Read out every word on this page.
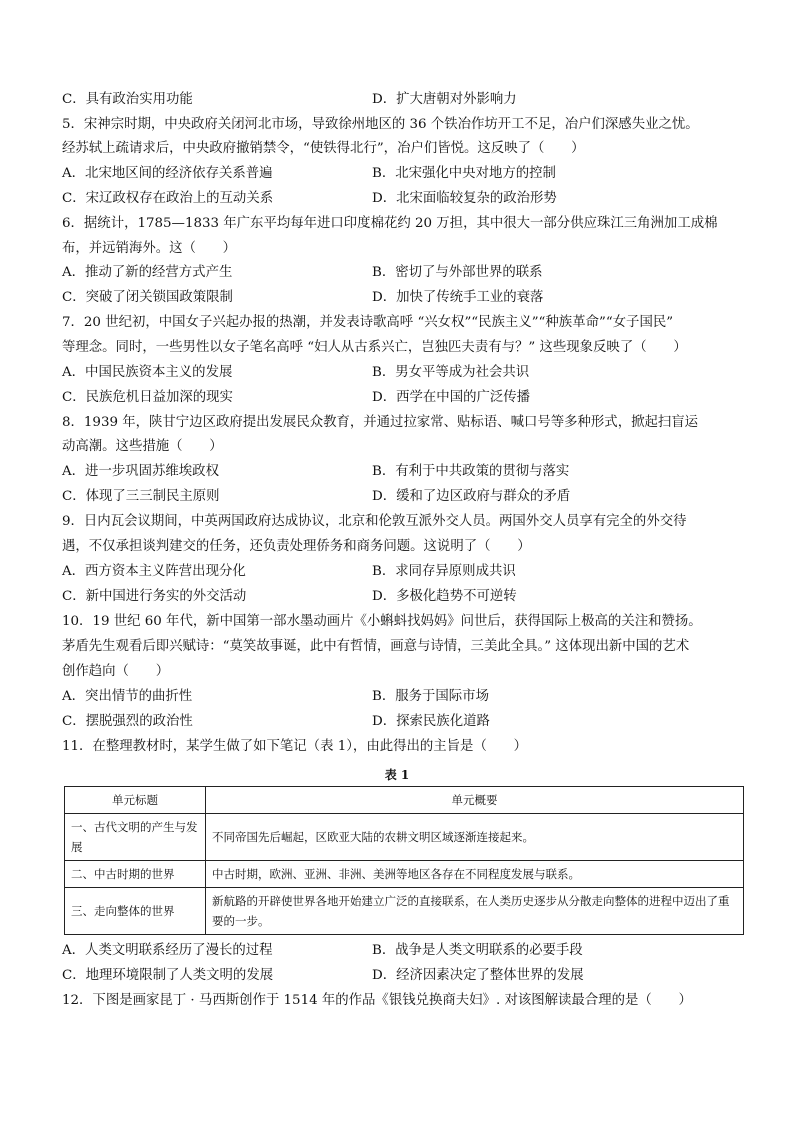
C．具有政治实用功能	D．扩大唐朝对外影响力
5．宋神宗时期，中央政府关闭河北市场，导致徐州地区的 36 个铁冶作坊开工不足，冶户们深感失业之忧。
经苏轼上疏请求后，中央政府撤销禁令，“使铁得北行”，冶户们皆悦。这反映了（　　）
A．北宋地区间的经济依存关系普遍	B．北宋强化中央对地方的控制
C．宋辽政权存在政治上的互动关系	D．北宋面临较复杂的政治形势
6．据统计，1785—1833 年广东平均每年进口印度棉花约 20 万担，其中很大一部分供应珠江三角洲加工成棉
布，并远销海外。这（　　）
A．推动了新的经营方式产生	B．密切了与外部世界的联系
C．突破了闭关锁国政策限制	D．加快了传统手工业的衰落
7．20 世纪初，中国女子兴起办报的热潮，并发表诗歌高呼 “兴女权”“民族主义”“种族革命”“女子国民”
等理念。同时，一些男性以女子笔名高呼 “妇人从古系兴亡，岂独匹夫责有与？” 这些现象反映了（　　）
A．中国民族资本主义的发展	B．男女平等成为社会共识
C．民族危机日益加深的现实	D．西学在中国的广泛传播
8．1939 年，陕甘宁边区政府提出发展民众教育，并通过拉家常、贴标语、喊口号等多种形式，掀起扫盲运
动高潮。这些措施（　　）
A．进一步巩固苏维埃政权	B．有利于中共政策的贯彻与落实
C．体现了三三制民主原则	D．缓和了边区政府与群众的矛盾
9．日内瓦会议期间，中英两国政府达成协议，北京和伦敦互派外交人员。两国外交人员享有完全的外交待
遇，不仅承担谈判建交的任务，还负责处理侨务和商务问题。这说明了（　　）
A．西方资本主义阵营出现分化	B．求同存异原则成共识
C．新中国进行务实的外交活动	D．多极化趋势不可逆转
10．19 世纪 60 年代，新中国第一部水墨动画片《小蝌蚪找妈妈》问世后，获得国际上极高的关注和赞扬。
茅盾先生观看后即兴赋诗：“莫笑故事诞，此中有哲情，画意与诗情，三美此全具。” 这体现出新中国的艺术
创作趋向（　　）
A．突出情节的曲折性	B．服务于国际市场
C．摆脱强烈的政治性	D．探索民族化道路
11．在整理教材时，某学生做了如下笔记（表 1），由此得出的主旨是（　　）
表 1
单元标题	单元概要
一、古代文明的产生与发展	不同帝国先后崛起，区欧亚大陆的农耕文明区域逐渐连接起来。
二、中古时期的世界	中古时期，欧洲、亚洲、非洲、美洲等地区各存在不同程度发展与联系。
三、走向整体的世界	新航路的开辟使世界各地开始建立广泛的直接联系，在人类历史逐步从分散走向整体的进程中迈出了重要的一步。
A．人类文明联系经历了漫长的过程	B．战争是人类文明联系的必要手段
C．地理环境限制了人类文明的发展	D．经济因素决定了整体世界的发展
12．下图是画家昆丁 · 马西斯创作于 1514 年的作品《银钱兑换商夫妇》. 对该图解读最合理的是（　　）
